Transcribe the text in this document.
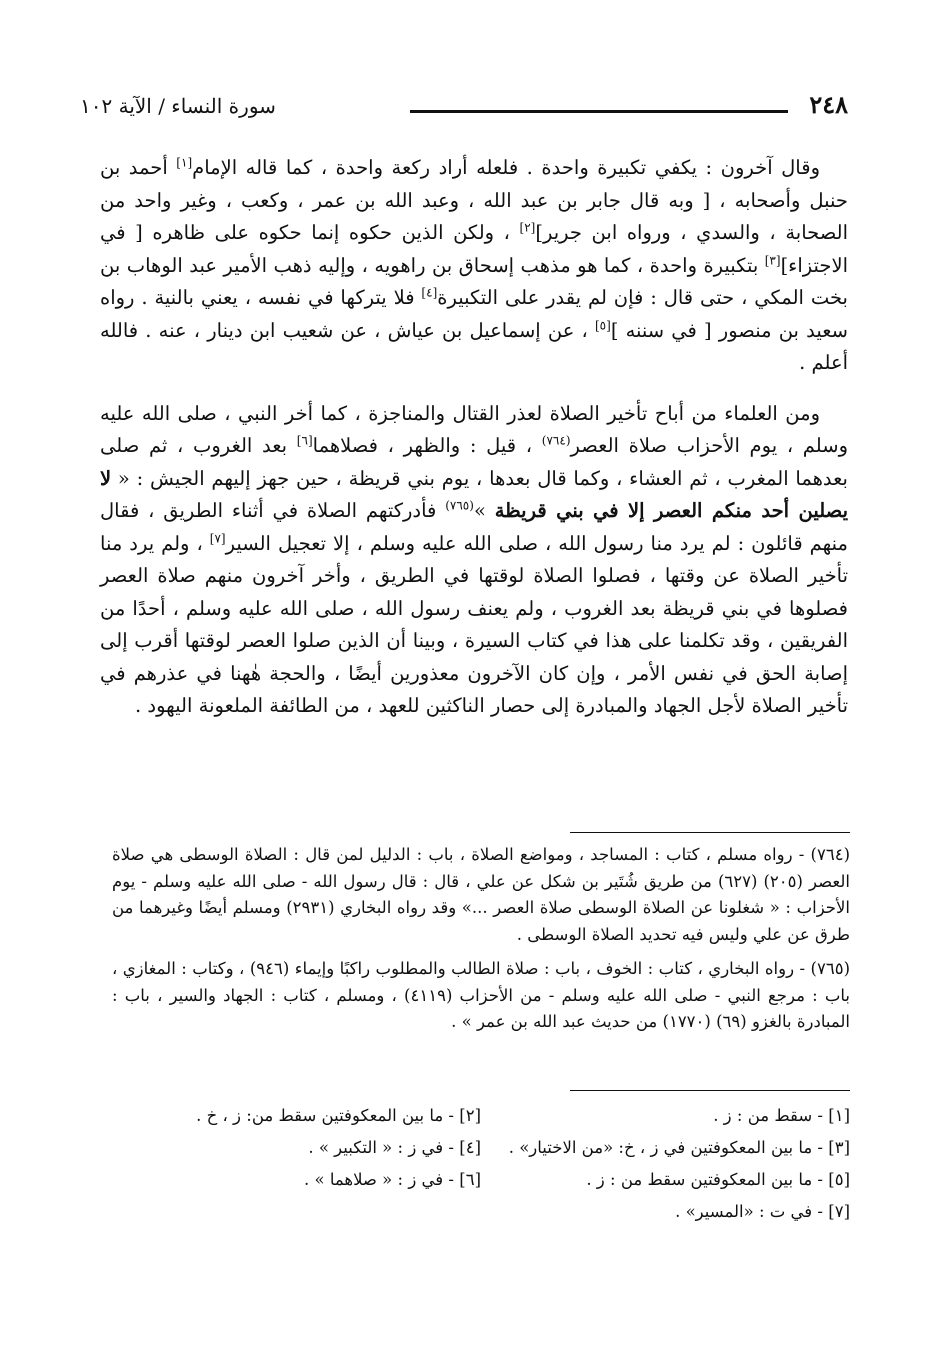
٢٤٨
سورة النساء / الآية ١٠٢

وقال آخرون : يكفي تكبيرة واحدة . فلعله أراد ركعة واحدة ، كما قاله الإمام[١] أحمد بن حنبل وأصحابه ، [ وبه قال جابر بن عبد الله ، وعبد الله بن عمر ، وكعب ، وغير واحد من الصحابة ، والسدي ، ورواه ابن جرير][٢] ، ولكن الذين حكوه إنما حكوه على ظاهره [ في الاجتزاء][٣] بتكبيرة واحدة ، كما هو مذهب إسحاق بن راهويه ، وإليه ذهب الأمير عبد الوهاب بن بخت المكي ، حتى قال : فإن لم يقدر على التكبيرة[٤] فلا يتركها في نفسه ، يعني بالنية . رواه سعيد بن منصور [ في سننه ][٥] ، عن إسماعيل بن عياش ، عن شعيب ابن دينار ، عنه . فالله أعلم .

ومن العلماء من أباح تأخير الصلاة لعذر القتال والمناجزة ، كما أخر النبي ، صلى الله عليه وسلم ، يوم الأحزاب صلاة العصر$^{(٧٦٤)}$ ، قيل : والظهر ، فصلاهما[٦] بعد الغروب ، ثم صلى بعدهما المغرب ، ثم العشاء ، وكما قال بعدها ، يوم بني قريظة ، حين جهز إليهم الجيش : « لا يصلين أحد منكم العصر إلا في بني قريظة »$^{(٧٦٥)}$ فأدركتهم الصلاة في أثناء الطريق ، فقال منهم قائلون : لم يرد منا رسول الله ، صلى الله عليه وسلم ، إلا تعجيل السير[٧] ، ولم يرد منا تأخير الصلاة عن وقتها ، فصلوا الصلاة لوقتها في الطريق ، وأخر آخرون منهم صلاة العصر فصلوها في بني قريظة بعد الغروب ، ولم يعنف رسول الله ، صلى الله عليه وسلم ، أحدًا من الفريقين ، وقد تكلمنا على هذا في كتاب السيرة ، وبينا أن الذين صلوا العصر لوقتها أقرب إلى إصابة الحق في نفس الأمر ، وإن كان الآخرون معذورين أيضًا ، والحجة هٰهنا في عذرهم في تأخير الصلاة لأجل الجهاد والمبادرة إلى حصار الناكثين للعهد ، من الطائفة الملعونة اليهود .

(٧٦٤) - رواه مسلم ، كتاب : المساجد ، ومواضع الصلاة ، باب : الدليل لمن قال : الصلاة الوسطى هي صلاة العصر (٢٠٥) (٦٢٧) من طريق شُتَير بن شكل عن علي ، قال : قال رسول الله - صلى الله عليه وسلم - يوم الأحزاب : « شغلونا عن الصلاة الوسطى صلاة العصر ...» وقد رواه البخاري (٢٩٣١) ومسلم أيضًا وغيرهما من طرق عن علي وليس فيه تحديد الصلاة الوسطى .

(٧٦٥) - رواه البخاري ، كتاب : الخوف ، باب : صلاة الطالب والمطلوب راكبًا وإيماء (٩٤٦) ، وكتاب : المغازي ، باب : مرجع النبي - صلى الله عليه وسلم - من الأحزاب (٤١١٩) ، ومسلم ، كتاب : الجهاد والسير ، باب : المبادرة بالغزو (٦٩) (١٧٧٠) من حديث عبد الله بن عمر » .

[١] - سقط من : ز .
[٢] - ما بين المعكوفتين سقط من: ز ، خ .
[٣] - ما بين المعكوفتين في ز ، خ: «من الاختيار» .
[٤] - في ز : « التكبير » .
[٥] - ما بين المعكوفتين سقط من : ز .
[٦] - في ز : « صلاهما » .
[٧] - في ت : «المسير» .
